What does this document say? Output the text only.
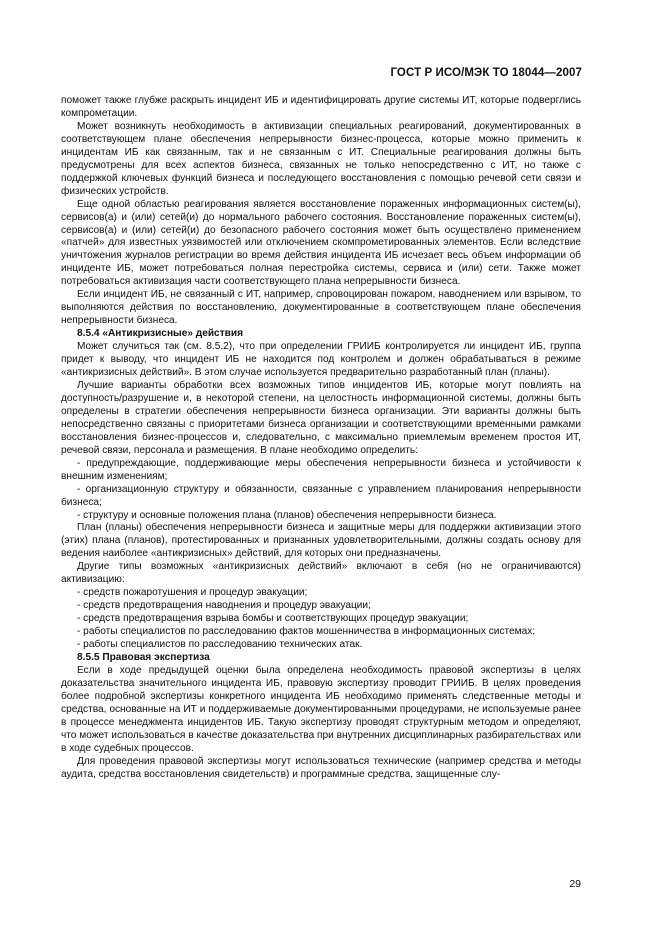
ГОСТ Р ИСО/МЭК ТО 18044—2007

поможет также глубже раскрыть инцидент ИБ и идентифицировать другие системы ИТ, которые подверглись компрометации.

Может возникнуть необходимость в активизации специальных реагирований, документированных в соответствующем плане обеспечения непрерывности бизнес-процесса, которые можно применить к инцидентам ИБ как связанным, так и не связанным с ИТ. Специальные реагирования должны быть предусмотрены для всех аспектов бизнеса, связанных не только непосредственно с ИТ, но также с поддержкой ключевых функций бизнеса и последующего восстановления с помощью речевой сети связи и физических устройств.

Еще одной областью реагирования является восстановление пораженных информационных систем(ы), сервисов(а) и (или) сетей(и) до нормального рабочего состояния. Восстановление пораженных систем(ы), сервисов(а) и (или) сетей(и) до безопасного рабочего состояния может быть осуществлено применением «патчей» для известных уязвимостей или отключением скомпрометированных элементов. Если вследствие уничтожения журналов регистрации во время действия инцидента ИБ исчезает весь объем информации об инциденте ИБ, может потребоваться полная перестройка системы, сервиса и (или) сети. Также может потребоваться активизация части соответствующего плана непрерывности бизнеса.

Если инцидент ИБ, не связанный с ИТ, например, спровоцирован пожаром, наводнением или взрывом, то выполняются действия по восстановлению, документированные в соответствующем плане обеспечения непрерывности бизнеса.

8.5.4 «Антикризисные» действия

Может случиться так (см. 8.5.2), что при определении ГРИИБ контролируется ли инцидент ИБ, группа придет к выводу, что инцидент ИБ не находится под контролем и должен обрабатываться в режиме «антикризисных действий». В этом случае используется предварительно разработанный план (планы).

Лучшие варианты обработки всех возможных типов инцидентов ИБ, которые могут повлиять на доступность/разрушение и, в некоторой степени, на целостность информационной системы, должны быть определены в стратегии обеспечения непрерывности бизнеса организации. Эти варианты должны быть непосредственно связаны с приоритетами бизнеса организации и соответствующими временными рамками восстановления бизнес-процессов и, следовательно, с максимально приемлемым временем простоя ИТ, речевой связи, персонала и размещения. В плане необходимо определить:

- предупреждающие, поддерживающие меры обеспечения непрерывности бизнеса и устойчивости к внешним изменениям;

- организационную структуру и обязанности, связанные с управлением планирования непрерывности бизнеса;

- структуру и основные положения плана (планов) обеспечения непрерывности бизнеса.

План (планы) обеспечения непрерывности бизнеса и защитные меры для поддержки активизации этого (этих) плана (планов), протестированных и признанных удовлетворительными, должны создать основу для ведения наиболее «антикризисных» действий, для которых они предназначены.

Другие типы возможных «антикризисных действий» включают в себя (но не ограничиваются) активизацию:

- средств пожаротушения и процедур эвакуации;

- средств предотвращения наводнения и процедур эвакуации;

- средств предотвращения взрыва бомбы и соответствующих процедур эвакуации;

- работы специалистов по расследованию фактов мошенничества в информационных системах;

- работы специалистов по расследованию технических атак.

8.5.5 Правовая экспертиза

Если в ходе предыдущей оценки была определена необходимость правовой экспертизы в целях доказательства значительного инцидента ИБ, правовую экспертизу проводит ГРИИБ. В целях проведения более подробной экспертизы конкретного инцидента ИБ необходимо применять следственные методы и средства, основанные на ИТ и поддерживаемые документированными процедурами, не используемые ранее в процессе менеджмента инцидентов ИБ. Такую экспертизу проводят структурным методом и определяют, что может использоваться в качестве доказательства при внутренних дисциплинарных разбирательствах или в ходе судебных процессов.

Для проведения правовой экспертизы могут использоваться технические (например средства и методы аудита, средства восстановления свидетельств) и программные средства, защищенные слу-

29
